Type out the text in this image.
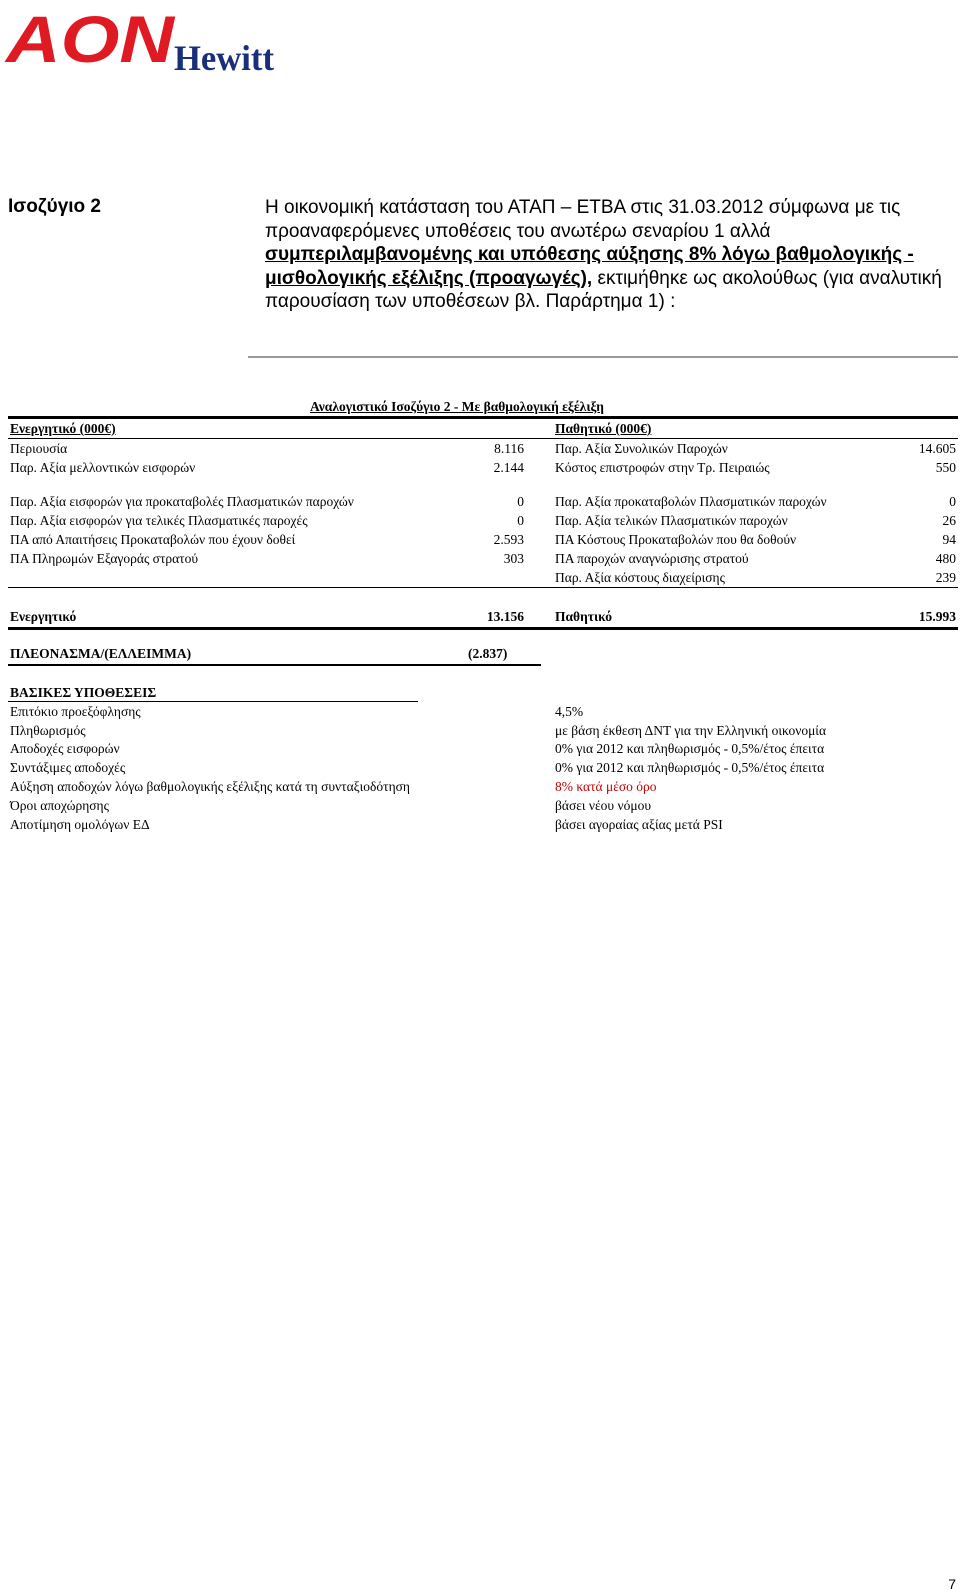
AON
Hewitt
Ισοζύγιο 2	Η οικονομική κατάσταση του ΑΤΑΠ – ΕΤΒΑ στις 31.03.2012 σύμφωνα με τις προαναφερόμενες υποθέσεις του ανωτέρω σεναρίου 1 αλλά συμπεριλαμβανομένης και υπόθεσης αύξησης 8% λόγω βαθμολογικής - μισθολογικής εξέλιξης (προαγωγές), εκτιμήθηκε ως ακολούθως (για αναλυτική παρουσίαση των υποθέσεων βλ. Παράρτημα 1) :
Αναλογιστικό Ισοζύγιο 2 - Με βαθμολογική εξέλιξη
Ενεργητικό (000€)	Παθητικό (000€)
Περιουσία	8.116 Παρ. Αξία Συνολικών Παροχών	14.605
Παρ. Αξία μελλοντικών εισφορών	2.144 Κόστος επιστροφών στην Τρ. Πειραιώς	550
Παρ. Αξία εισφορών για προκαταβολές Πλασματικών παροχών	0 Παρ. Αξία προκαταβολών Πλασματικών παροχών	0
Παρ. Αξία εισφορών για τελικές Πλασματικές παροχές	0 Παρ. Αξία τελικών Πλασματικών παροχών	26
ΠΑ από Απαιτήσεις Προκαταβολών που έχουν δοθεί	2.593 ΠΑ Κόστους Προκαταβολών που θα δοθούν	94
ΠΑ Πληρωμών Εξαγοράς στρατού	303 ΠΑ παροχών αναγνώρισης στρατού	480
Παρ. Αξία κόστους διαχείρισης	239
Ενεργητικό	13.156 Παθητικό	15.993
ΠΛΕΟΝΑΣΜΑ/(ΕΛΛΕΙΜΜΑ)	(2.837)
ΒΑΣΙΚΕΣ ΥΠΟΘΕΣΕΙΣ
Επιτόκιο προεξόφλησης	4,5%
Πληθωρισμός	με βάση έκθεση ΔΝΤ για την Ελληνική οικονομία
Αποδοχές εισφορών	0% για 2012 και πληθωρισμός - 0,5%/έτος έπειτα
Συντάξιμες αποδοχές	0% για 2012 και πληθωρισμός - 0,5%/έτος έπειτα
Αύξηση αποδοχών λόγω βαθμολογικής εξέλιξης κατά τη συνταξιοδότηση	8% κατά μέσο όρο
Όροι αποχώρησης	βάσει νέου νόμου
Αποτίμηση ομολόγων ΕΔ	βάσει αγοραίας αξίας μετά PSI
7
